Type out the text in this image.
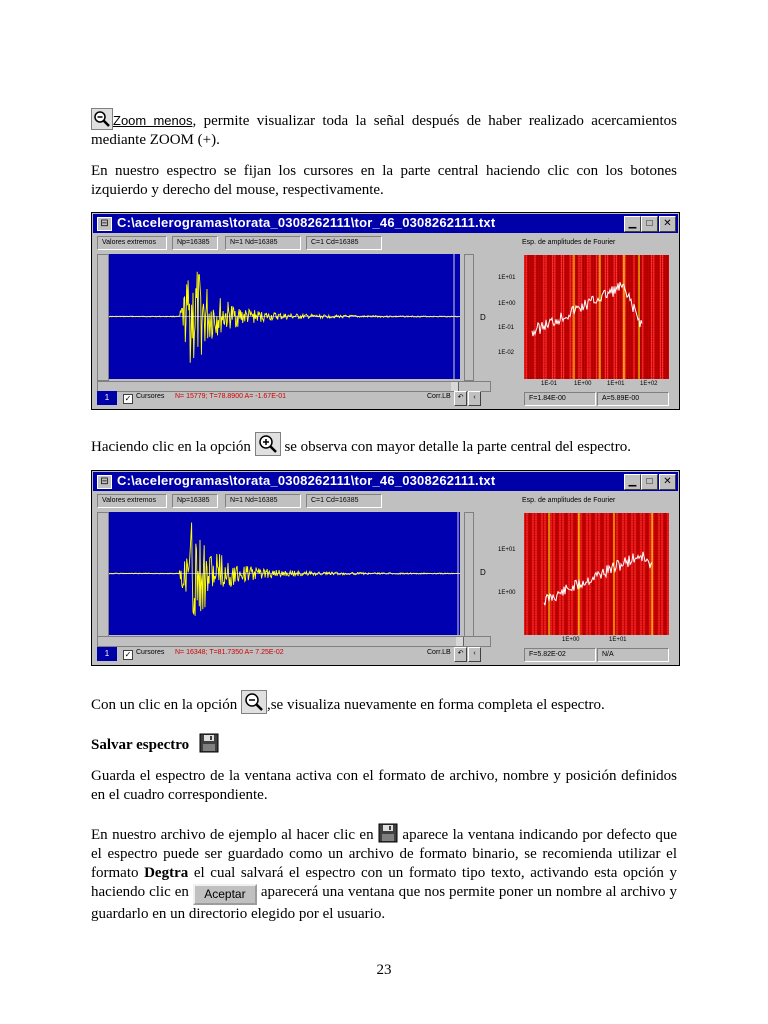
Zoom menos, permite visualizar toda la señal después de haber realizado acercamientos mediante ZOOM (+).
En nuestro espectro se fijan los cursores en la parte central haciendo clic con los botones izquierdo y derecho del mouse, respectivamente.
⊟ C:\acelerogramas\torata_0308262111\tor_46_0308262111.txt	▁	□	✕
Valores extremos	Np=16385	N=1 Nd=16385	C=1 Cd=16385	Esp. de amplitudes de Fourier
D
1E+01
1E+00
1E-01
1E-02
1E-01	1E+00	1E+01	1E+02
1	✓ Cursores N= 15779; T=78.8900 A= -1.67E-01	Corr.LB ↶	‹	F=1.84E-00	A=5.89E-00
Haciendo clic en la opción se observa con mayor detalle la parte central del espectro.
⊟ C:\acelerogramas\torata_0308262111\tor_46_0308262111.txt	▁	□	✕
Valores extremos	Np=16385	N=1 Nd=16385	C=1 Cd=16385	Esp. de amplitudes de Fourier
D
1E+01
1E+00
1E+00	1E+01
1	✓ Cursores N= 16348; T=81.7350 A= 7.25E-02	Corr.LB ↶	‹	F=5.82E-02	N/A
Con un clic en la opción ,se visualiza nuevamente en forma completa el espectro.
Salvar espectro
Guarda el espectro de la ventana activa con el formato de archivo, nombre y posición definidos en el cuadro correspondiente.
En nuestro archivo de ejemplo al hacer clic en aparece la ventana indicando por defecto que el espectro puede ser guardado como un archivo de formato binario, se recomienda utilizar el formato Degtra el cual salvará el espectro con un formato tipo texto, activando esta opción y haciendo clic en Aceptar aparecerá una ventana que nos permite poner un nombre al archivo y guardarlo en un directorio elegido por el usuario.
23
